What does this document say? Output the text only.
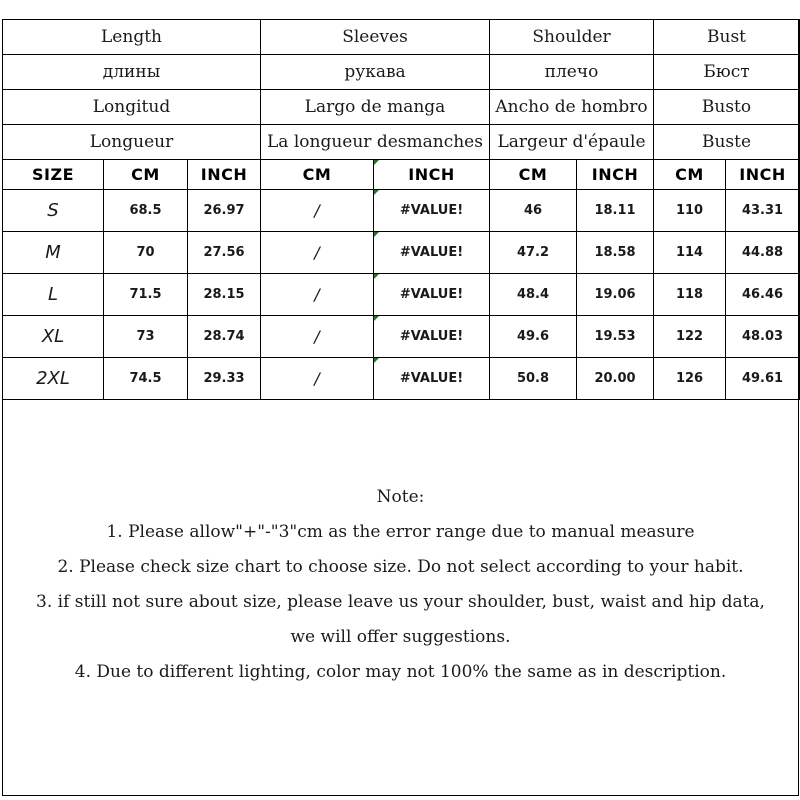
Length			Sleeves		Shoulder		Bust	
длины			рукава		плечо		Бюст	
Longitud			Largo de manga		Ancho de hombro		Busto	
Longueur			La longueur desmanches		Largeur d'épaule		Buste	
SIZE	CM	INCH	CM	INCH	CM	INCH	CM	INCH
S	68.5	26.97	/	#VALUE!	46	18.11	110	43.31
M	70	27.56	/	#VALUE!	47.2	18.58	114	44.88
L	71.5	28.15	/	#VALUE!	48.4	19.06	118	46.46
XL	73	28.74	/	#VALUE!	49.6	19.53	122	48.03
2XL	74.5	29.33	/	#VALUE!	50.8	20.00	126	49.61
Note:
1. Please allow"+"-"3"cm as the error range due to manual measure
2. Please check size chart to choose size. Do not select according to your habit.
3. if still not sure about size, please leave us your shoulder, bust, waist and hip data,
we will offer suggestions.
4. Due to different lighting, color may not 100% the same as in description.
